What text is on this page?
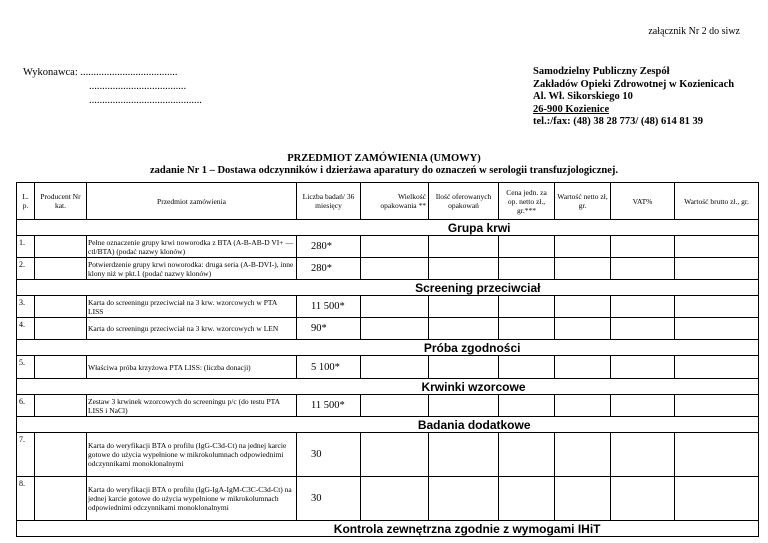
załącznik Nr 2 do siwz
Wykonawca: .....................................
.....................................
...........................................
Samodzielny Publiczny Zespół
Zakładów Opieki Zdrowotnej w Kozienicach
Al. Wł. Sikorskiego 10
26-900 Kozienice
tel.:/fax: (48) 38 28 773/ (48) 614 81 39
PRZEDMIOT ZAMÓWIENIA (UMOWY)
zadanie Nr 1 – Dostawa odczynników i dzierżawa aparatury do oznaczeń w serologii transfuzjologicznej.
L. p.	Producent Nr kat.	Przedmiot zamówienia	Liczba badań/ 36 miesięcy	Wielkość opakowania **	Ilość oferowanych opakowań	Cena jedn. za op. netto zł., gr.***	Wartość netto zł, gr.	VAT%	Wartość brutto zł., gr.
		Grupa krwi							
1.		Pełne oznaczenie grupy krwi noworodka z BTA (A-B-AB-D VI+ —ctl/BTA) (podać nazwy klonów)	280*						
2.		Potwierdzenie grupy krwi noworodka: druga seria (A-B-DVI-), inne klony niż w pkt.1 (podać nazwy klonów)	280*						
		Screening przeciwciał							
3.		Karta do screeningu przeciwciał na 3 krw. wzorcowych w PTA LISS	11 500*						
4.		Karta do screeningu przeciwciał na 3 krw. wzorcowych w LEN	90*						
		Próba zgodności							
5.		Właściwa próba krzyżowa PTA LISS: (liczba donacji)	5 100*						
		Krwinki wzorcowe							
6.		Zestaw 3 krwinek wzorcowych do screeningu p/c (do testu PTA LISS i NaCl)	11 500*						
		Badania dodatkowe							
7.		Karta do weryfikacji BTA o profilu (IgG-C3d-Ct) na jednej karcie gotowe do użycia wypełnione w mikrokolumnach odpowiednimi odczynnikami monoklonalnymi	30						
8.		Karta do weryfikacji BTA o profilu (IgG-IgA-IgM-C3C-C3d-Ct) na jednej karcie gotowe do użycia wypełnione w mikrokolumnach odpowiednimi odczynnikami monoklonalnymi	30						
		Kontrola zewnętrzna zgodnie z wymogami IHiT							
